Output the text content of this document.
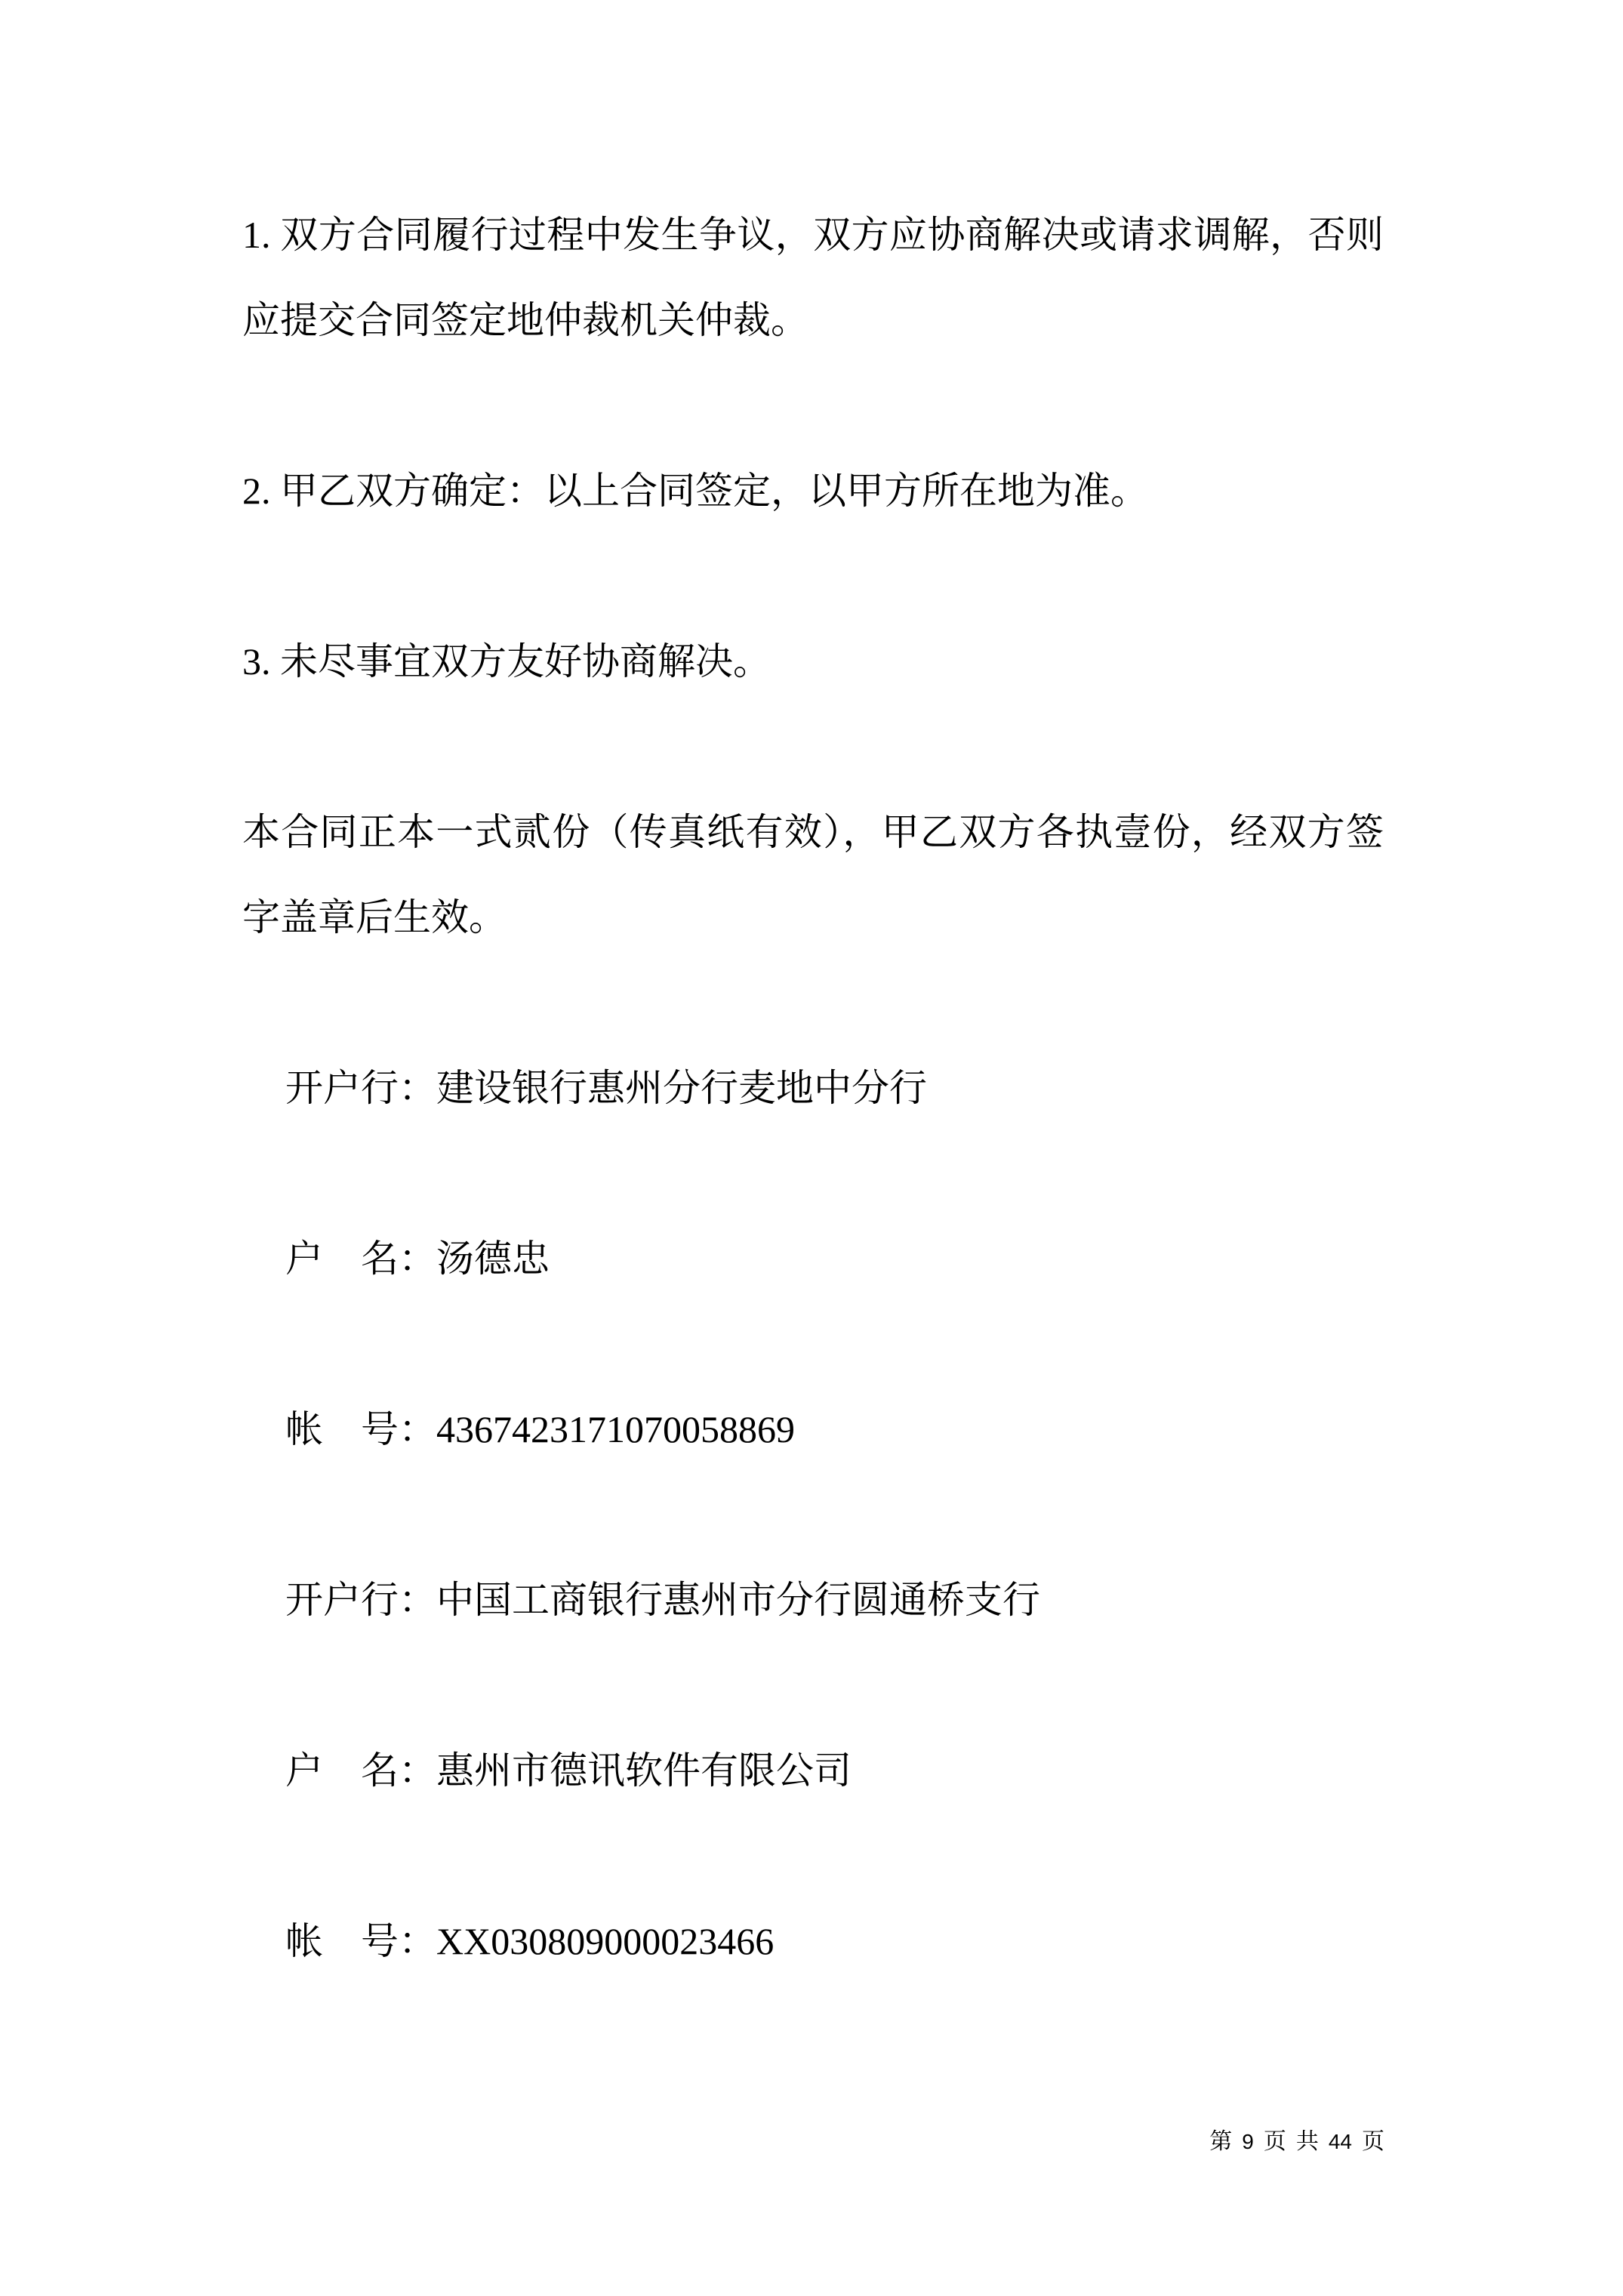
1. 双方合同履行过程中发生争议，双方应协商解决或请求调解，否则应提交合同签定地仲裁机关仲裁。

2. 甲乙双方确定：以上合同签定，以甲方所在地为准。

3. 未尽事宜双方友好协商解决。

本合同正本一式贰份（传真纸有效），甲乙双方各执壹份，经双方签字盖章后生效。

开户行：建设银行惠州分行麦地中分行

户　名：汤德忠

帐　号：4367423171070058869

开户行：中国工商银行惠州市分行圆通桥支行

户　名：惠州市德讯软件有限公司

帐　号：XX030809000023466

第 9 页 共 44 页
